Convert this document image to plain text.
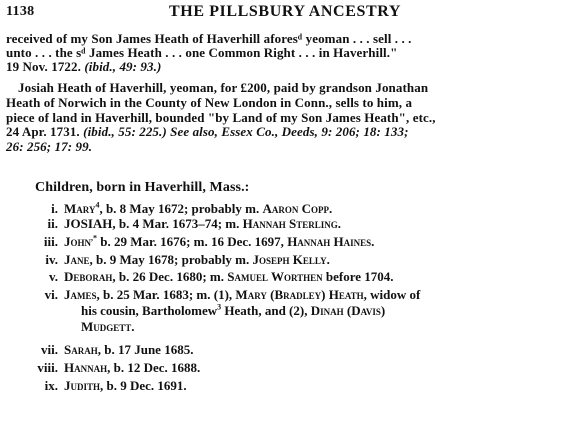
1138	THE PILLSBURY ANCESTRY
received of my Son James Heath of Haverhill aforesᵈ yeoman . . . sell . . .
unto . . . the sᵈ James Heath . . . one Common Right . . . in Haverhill."
19 Nov. 1722. (ibid., 49: 93.)
Josiah Heath of Haverhill, yeoman, for £200, paid by grandson Jonathan
Heath of Norwich in the County of New London in Conn., sells to him, a
piece of land in Haverhill, bounded "by Land of my Son James Heath", etc.,
24 Apr. 1731. (ibid., 55: 225.) See also, Essex Co., Deeds, 9: 206; 18: 133;
26: 256; 17: 99.
Children, born in Haverhill, Mass.:
i. Mary$^4$, b. 8 May 1672; probably m. Aaron Copp.
ii. JOSIAH, b. 4 Mar. 1673–74; m. Hannah Sterling.
iii. John,* b. 29 Mar. 1676; m. 16 Dec. 1697, Hannah Haines.
iv. Jane, b. 9 May 1678; probably m. Joseph Kelly.
v. Deborah, b. 26 Dec. 1680; m. Samuel Worthen before 1704.
vi. James, b. 25 Mar. 1683; m. (1), Mary (Bradley) Heath, widow of
his cousin, Bartholomew$^3$ Heath, and (2), Dinah (Davis)
Mudgett.
vii. Sarah, b. 17 June 1685.
viii. Hannah, b. 12 Dec. 1688.
ix. Judith, b. 9 Dec. 1691.
